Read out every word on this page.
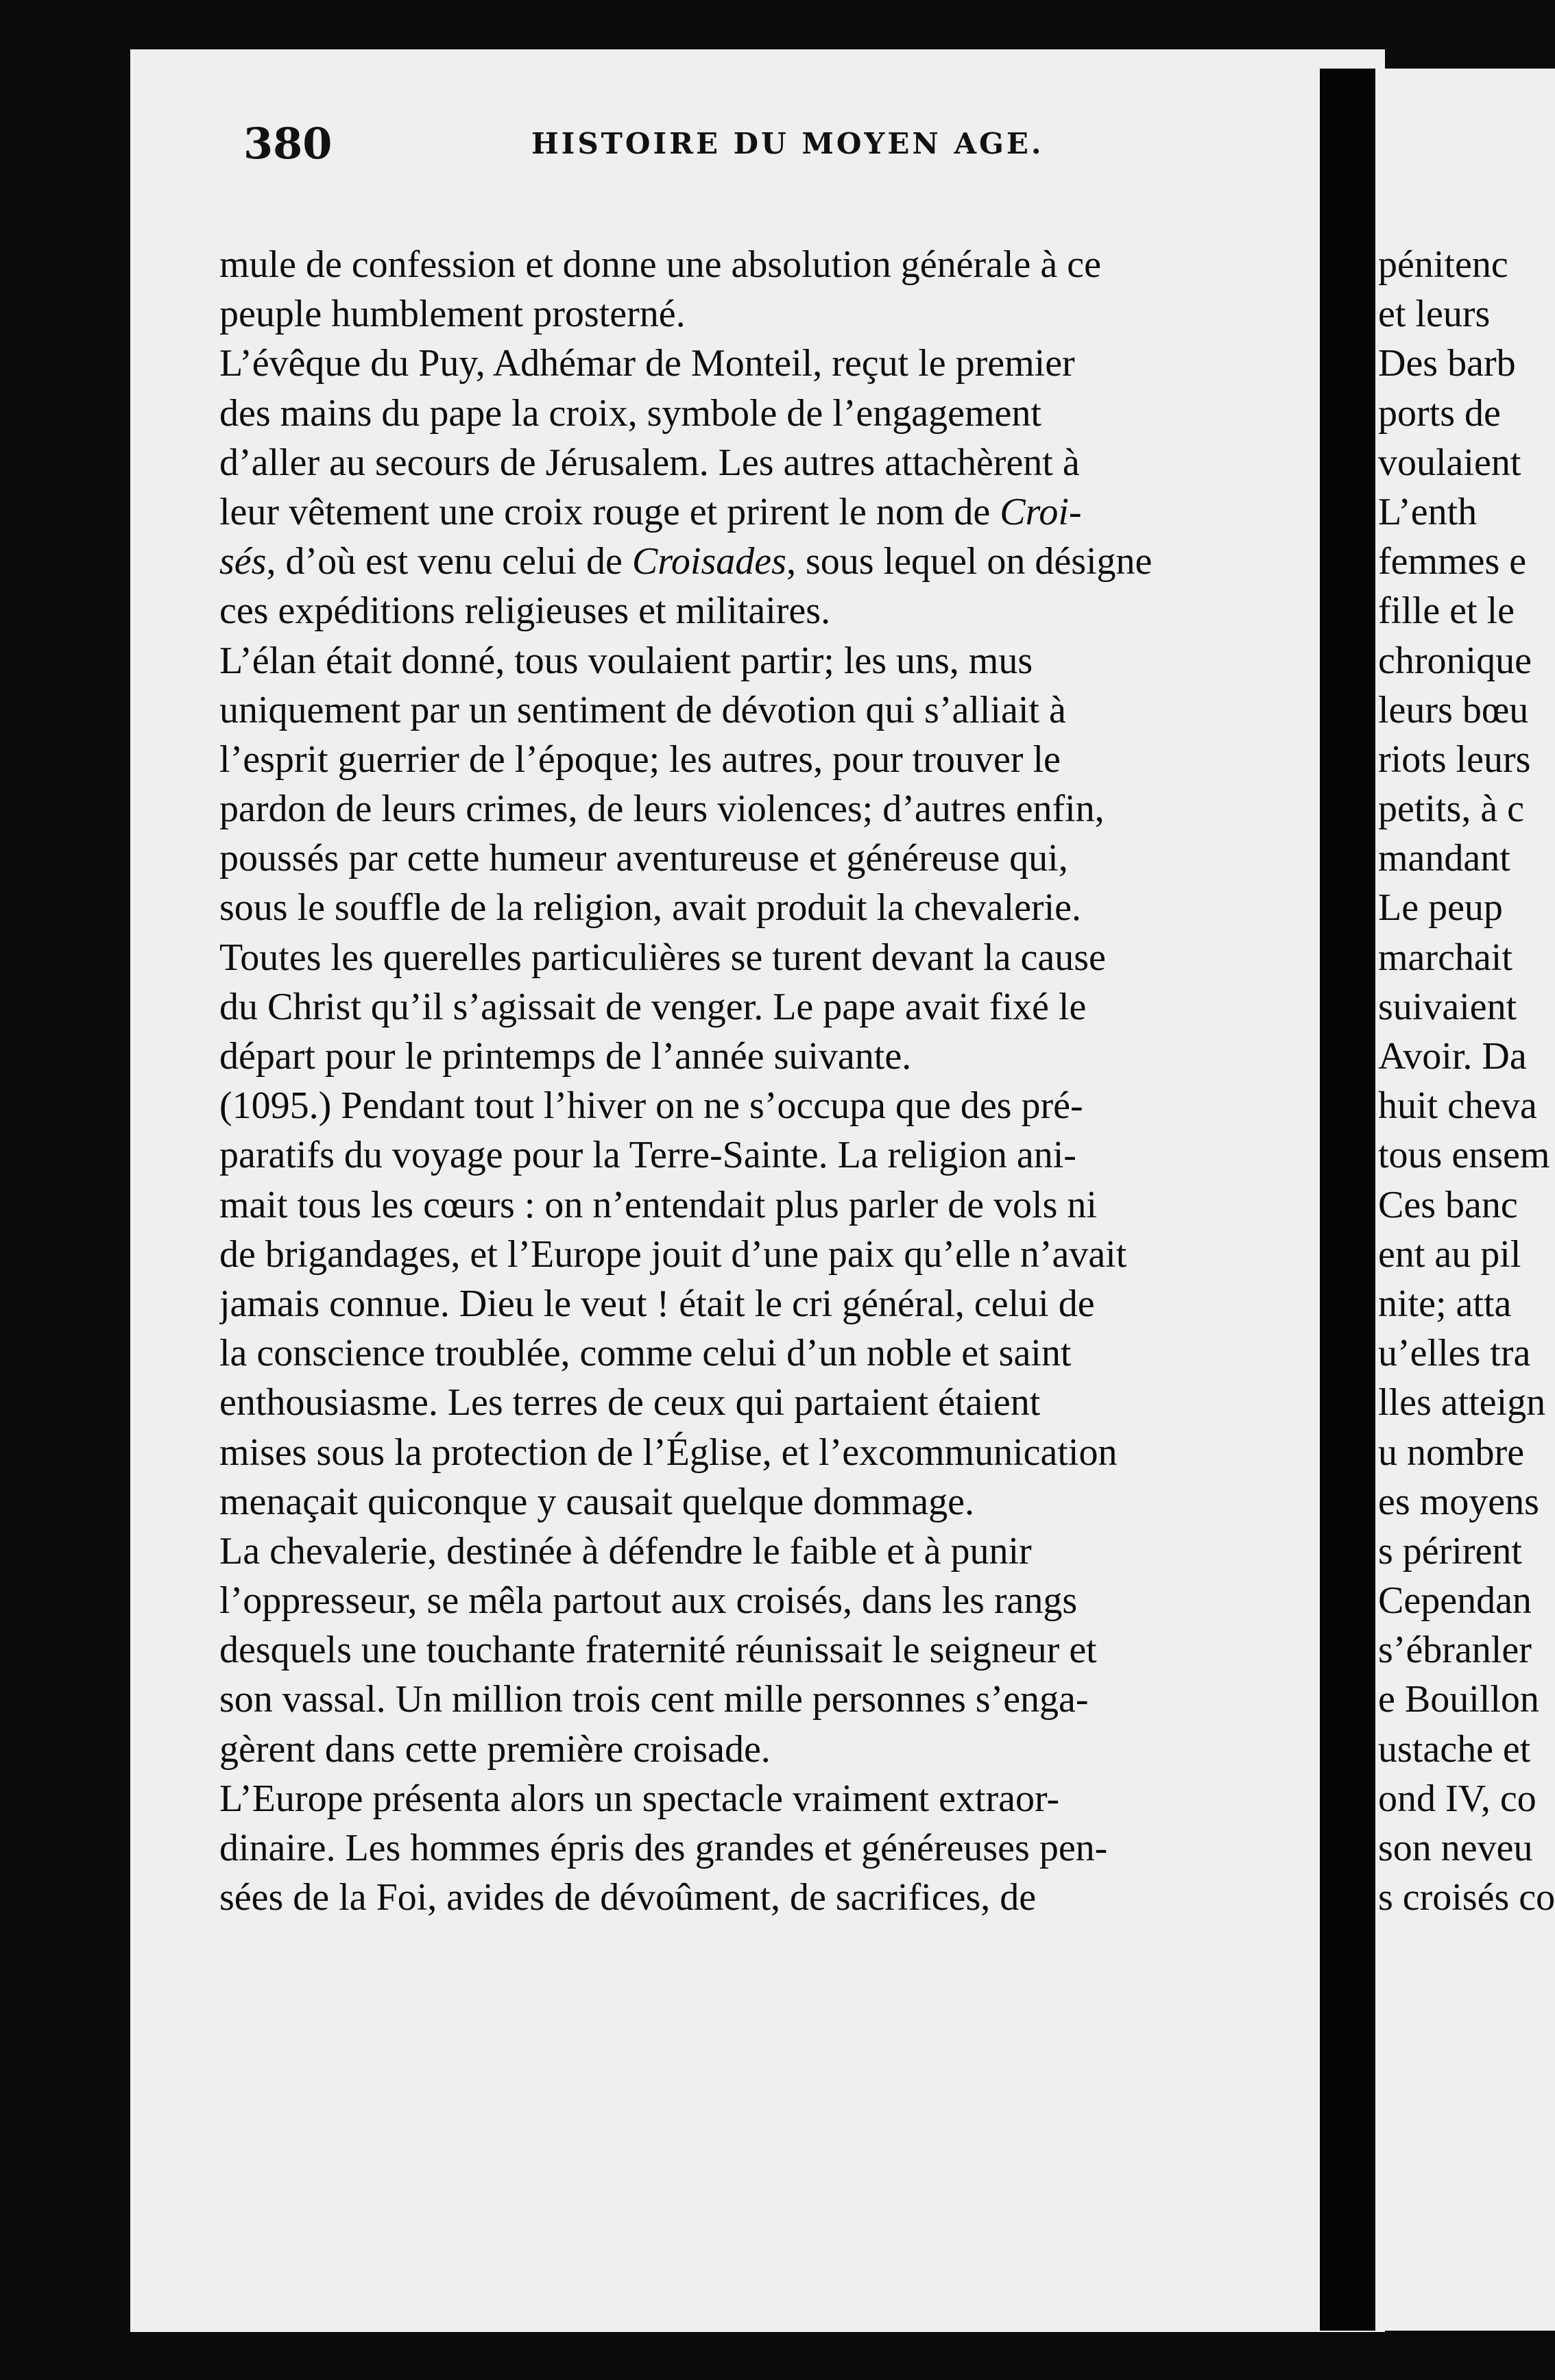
380	HISTOIRE DU MOYEN AGE.
mule de confession et donne une absolution générale à ce
peuple humblement prosterné.
L’évêque du Puy, Adhémar de Monteil, reçut le premier
des mains du pape la croix, symbole de l’engagement
d’aller au secours de Jérusalem. Les autres attachèrent à
leur vêtement une croix rouge et prirent le nom de Croi-
sés, d’où est venu celui de Croisades, sous lequel on désigne
ces expéditions religieuses et militaires.
L’élan était donné, tous voulaient partir; les uns, mus
uniquement par un sentiment de dévotion qui s’alliait à
l’esprit guerrier de l’époque; les autres, pour trouver le
pardon de leurs crimes, de leurs violences; d’autres enfin,
poussés par cette humeur aventureuse et généreuse qui,
sous le souffle de la religion, avait produit la chevalerie.
Toutes les querelles particulières se turent devant la cause
du Christ qu’il s’agissait de venger. Le pape avait fixé le
départ pour le printemps de l’année suivante.
(1095.) Pendant tout l’hiver on ne s’occupa que des pré-
paratifs du voyage pour la Terre-Sainte. La religion ani-
mait tous les cœurs : on n’entendait plus parler de vols ni
de brigandages, et l’Europe jouit d’une paix qu’elle n’avait
jamais connue. Dieu le veut ! était le cri général, celui de
la conscience troublée, comme celui d’un noble et saint
enthousiasme. Les terres de ceux qui partaient étaient
mises sous la protection de l’Église, et l’excommunication
menaçait quiconque y causait quelque dommage.
La chevalerie, destinée à défendre le faible et à punir
l’oppresseur, se mêla partout aux croisés, dans les rangs
desquels une touchante fraternité réunissait le seigneur et
son vassal. Un million trois cent mille personnes s’enga-
gèrent dans cette première croisade.
L’Europe présenta alors un spectacle vraiment extraor-
dinaire. Les hommes épris des grandes et généreuses pen-
sées de la Foi, avides de dévoûment, de sacrifices, de
pénitenc
et leurs
Des barb
ports de
voulaient
L’enth
femmes e
fille et le
chronique
leurs bœu
riots leurs
petits, à c
mandant
Le peup
marchait
suivaient
Avoir. Da
huit cheva
tous ensem
Ces banc
ent au pil
nite; atta
u’elles tra
lles atteign
u nombre
es moyens
s périrent
Cependan
s’ébranler
e Bouillon
ustache et
ond IV, co
son neveu
s croisés co
